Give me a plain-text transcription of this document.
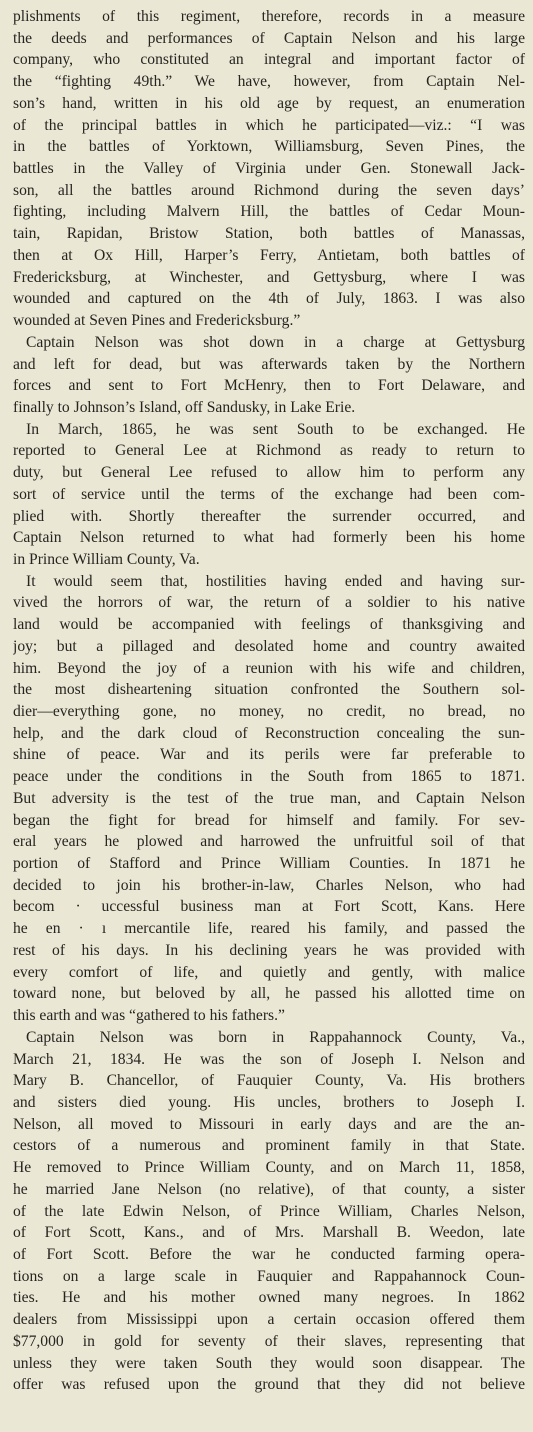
plishments of this regiment, therefore, records in a measure
the deeds and performances of Captain Nelson and his large
company, who constituted an integral and important factor of
the “fighting 49th.” We have, however, from Captain Nel-
son’s hand, written in his old age by request, an enumeration
of the principal battles in which he participated—viz.: “I was
in the battles of Yorktown, Williamsburg, Seven Pines, the
battles in the Valley of Virginia under Gen. Stonewall Jack-
son, all the battles around Richmond during the seven days’
fighting, including Malvern Hill, the battles of Cedar Moun-
tain, Rapidan, Bristow Station, both battles of Manassas,
then at Ox Hill, Harper’s Ferry, Antietam, both battles of
Fredericksburg, at Winchester, and Gettysburg, where I was
wounded and captured on the 4th of July, 1863. I was also
wounded at Seven Pines and Fredericksburg.”
Captain Nelson was shot down in a charge at Gettysburg
and left for dead, but was afterwards taken by the Northern
forces and sent to Fort McHenry, then to Fort Delaware, and
finally to Johnson’s Island, off Sandusky, in Lake Erie.
In March, 1865, he was sent South to be exchanged. He
reported to General Lee at Richmond as ready to return to
duty, but General Lee refused to allow him to perform any
sort of service until the terms of the exchange had been com-
plied with. Shortly thereafter the surrender occurred, and
Captain Nelson returned to what had formerly been his home
in Prince William County, Va.
It would seem that, hostilities having ended and having sur-
vived the horrors of war, the return of a soldier to his native
land would be accompanied with feelings of thanksgiving and
joy; but a pillaged and desolated home and country awaited
him. Beyond the joy of a reunion with his wife and children,
the most disheartening situation confronted the Southern sol-
dier—everything gone, no money, no credit, no bread, no
help, and the dark cloud of Reconstruction concealing the sun-
shine of peace. War and its perils were far preferable to
peace under the conditions in the South from 1865 to 1871.
But adversity is the test of the true man, and Captain Nelson
began the fight for bread for himself and family. For sev-
eral years he plowed and harrowed the unfruitful soil of that
portion of Stafford and Prince William Counties. In 1871 he
decided to join his brother-in-law, Charles Nelson, who had
becom · uccessful business man at Fort Scott, Kans. Here
he en · ı mercantile life, reared his family, and passed the
rest of his days. In his declining years he was provided with
every comfort of life, and quietly and gently, with malice
toward none, but beloved by all, he passed his allotted time on
this earth and was “gathered to his fathers.”
Captain Nelson was born in Rappahannock County, Va.,
March 21, 1834. He was the son of Joseph I. Nelson and
Mary B. Chancellor, of Fauquier County, Va. His brothers
and sisters died young. His uncles, brothers to Joseph I.
Nelson, all moved to Missouri in early days and are the an-
cestors of a numerous and prominent family in that State.
He removed to Prince William County, and on March 11, 1858,
he married Jane Nelson (no relative), of that county, a sister
of the late Edwin Nelson, of Prince William, Charles Nelson,
of Fort Scott, Kans., and of Mrs. Marshall B. Weedon, late
of Fort Scott. Before the war he conducted farming opera-
tions on a large scale in Fauquier and Rappahannock Coun-
ties. He and his mother owned many negroes. In 1862
dealers from Mississippi upon a certain occasion offered them
$77,000 in gold for seventy of their slaves, representing that
unless they were taken South they would soon disappear. The
offer was refused upon the ground that they did not believe
